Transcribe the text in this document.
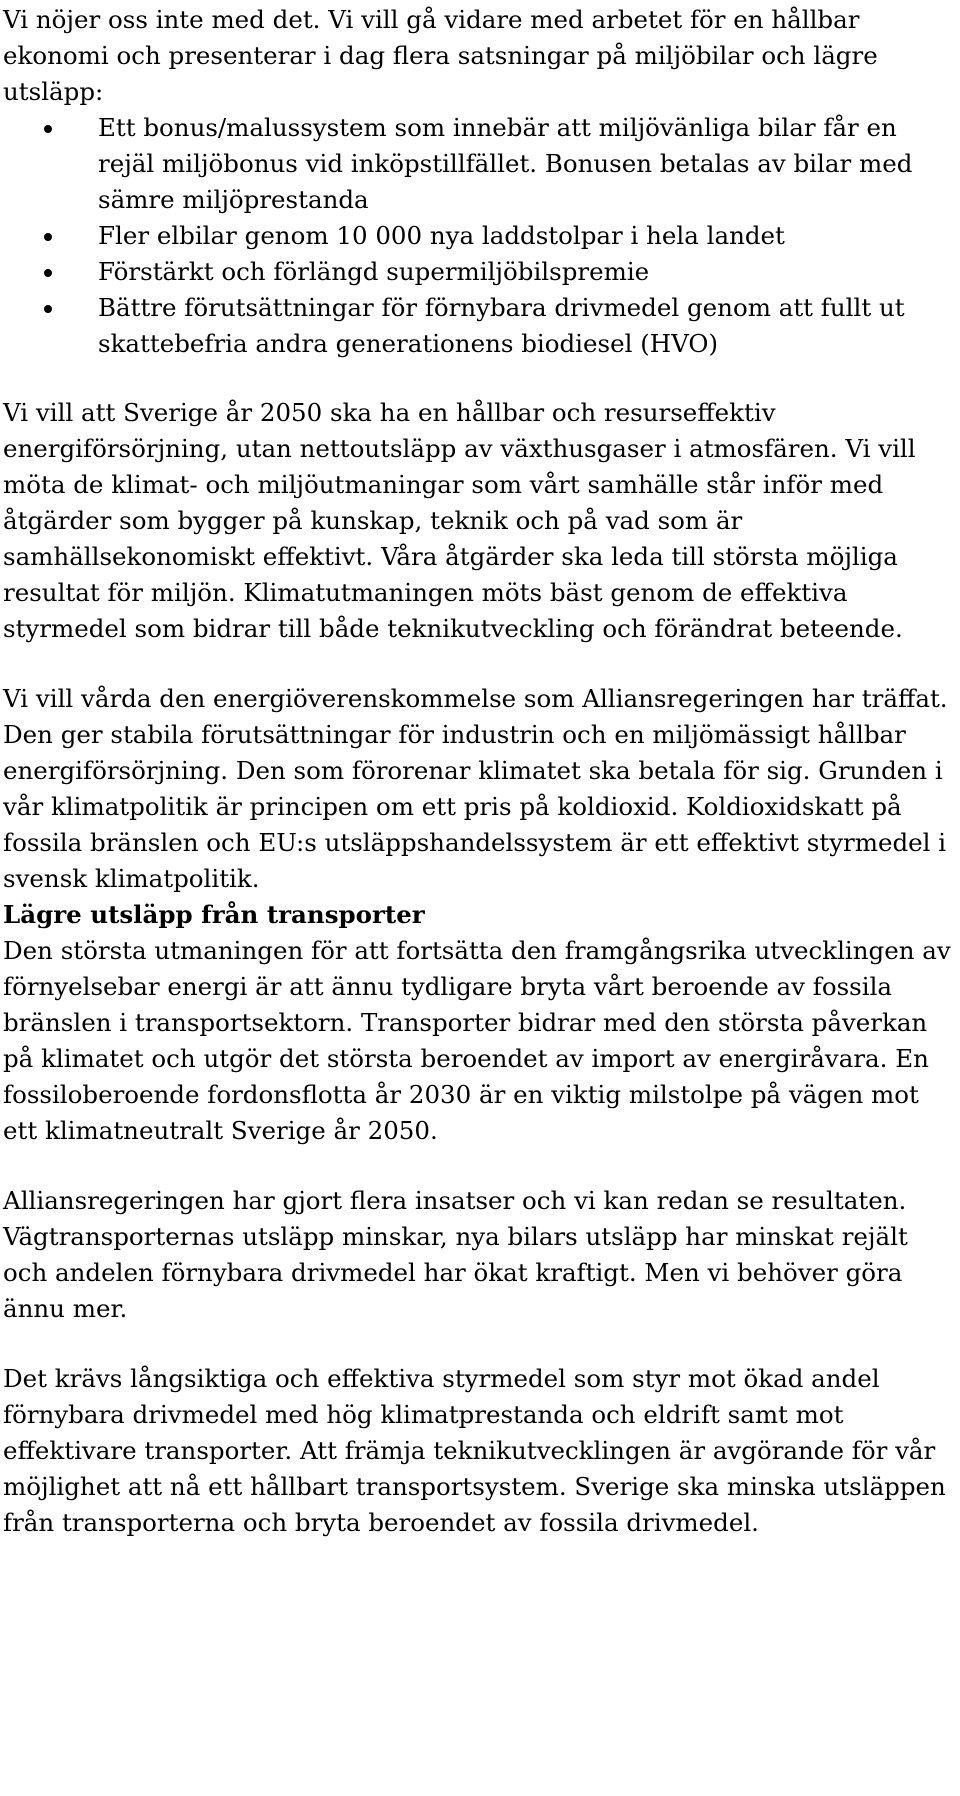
Vi nöjer oss inte med det. Vi vill gå vidare med arbetet för en hållbar ekonomi och presenterar i dag flera satsningar på miljöbilar och lägre utsläpp:

Ett bonus/malussystem som innebär att miljövänliga bilar får en rejäl miljöbonus vid inköpstillfället. Bonusen betalas av bilar med sämre miljöprestanda
Fler elbilar genom 10 000 nya laddstolpar i hela landet
Förstärkt och förlängd supermiljöbilspremie
Bättre förutsättningar för förnybara drivmedel genom att fullt ut skattebefria andra generationens biodiesel (HVO)

Vi vill att Sverige år 2050 ska ha en hållbar och resurseffektiv energiförsörjning, utan nettoutsläpp av växthusgaser i atmosfären. Vi vill möta de klimat- och miljöutmaningar som vårt samhälle står inför med åtgärder som bygger på kunskap, teknik och på vad som är samhällsekonomiskt effektivt. Våra åtgärder ska leda till största möjliga resultat för miljön. Klimatutmaningen möts bäst genom de effektiva styrmedel som bidrar till både teknikutveckling och förändrat beteende.

Vi vill vårda den energiöverenskommelse som Alliansregeringen har träffat. Den ger stabila förutsättningar för industrin och en miljömässigt hållbar energiförsörjning. Den som förorenar klimatet ska betala för sig. Grunden i vår klimatpolitik är principen om ett pris på koldioxid. Koldioxidskatt på fossila bränslen och EU:s utsläppshandelssystem är ett effektivt styrmedel i svensk klimatpolitik.

Lägre utsläpp från transporter

Den största utmaningen för att fortsätta den framgångsrika utvecklingen av förnyelsebar energi är att ännu tydligare bryta vårt beroende av fossila bränslen i transportsektorn. Transporter bidrar med den största påverkan på klimatet och utgör det största beroendet av import av energiråvara. En fossiloberoende fordonsflotta år 2030 är en viktig milstolpe på vägen mot ett klimatneutralt Sverige år 2050.

Alliansregeringen har gjort flera insatser och vi kan redan se resultaten. Vägtransporternas utsläpp minskar, nya bilars utsläpp har minskat rejält och andelen förnybara drivmedel har ökat kraftigt. Men vi behöver göra ännu mer.

Det krävs långsiktiga och effektiva styrmedel som styr mot ökad andel förnybara drivmedel med hög klimatprestanda och eldrift samt mot effektivare transporter. Att främja teknikutvecklingen är avgörande för vår möjlighet att nå ett hållbart transportsystem. Sverige ska minska utsläppen från transporterna och bryta beroendet av fossila drivmedel.
